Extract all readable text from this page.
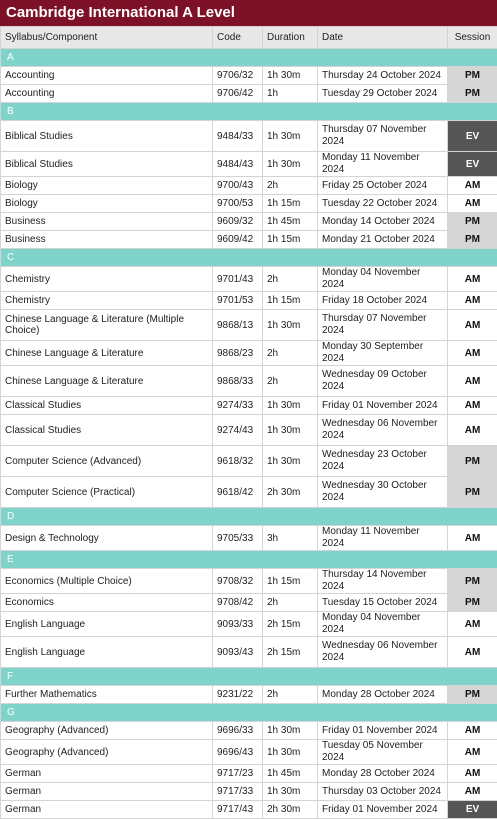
Cambridge International A Level
Syllabus/Component	Code	Duration	Date	Session
A				
Accounting	9706/32	1h 30m	Thursday 24 October 2024	PM
Accounting	9706/42	1h	Tuesday 29 October 2024	PM
B				
Biblical Studies	9484/33	1h 30m	Thursday 07 November 2024	EV
Biblical Studies	9484/43	1h 30m	Monday 11 November 2024	EV
Biology	9700/43	2h	Friday 25 October 2024	AM
Biology	9700/53	1h 15m	Tuesday 22 October 2024	AM
Business	9609/32	1h 45m	Monday 14 October 2024	PM
Business	9609/42	1h 15m	Monday 21 October 2024	PM
C				
Chemistry	9701/43	2h	Monday 04 November 2024	AM
Chemistry	9701/53	1h 15m	Friday 18 October 2024	AM
Chinese Language & Literature (Multiple Choice)	9868/13	1h 30m	Thursday 07 November 2024	AM
Chinese Language & Literature	9868/23	2h	Monday 30 September 2024	AM
Chinese Language & Literature	9868/33	2h	Wednesday 09 October 2024	AM
Classical Studies	9274/33	1h 30m	Friday 01 November 2024	AM
Classical Studies	9274/43	1h 30m	Wednesday 06 November 2024	AM
Computer Science (Advanced)	9618/32	1h 30m	Wednesday 23 October 2024	PM
Computer Science (Practical)	9618/42	2h 30m	Wednesday 30 October 2024	PM
D				
Design & Technology	9705/33	3h	Monday 11 November 2024	AM
E				
Economics (Multiple Choice)	9708/32	1h 15m	Thursday 14 November 2024	PM
Economics	9708/42	2h	Tuesday 15 October 2024	PM
English Language	9093/33	2h 15m	Monday 04 November 2024	AM
English Language	9093/43	2h 15m	Wednesday 06 November 2024	AM
F				
Further Mathematics	9231/22	2h	Monday 28 October 2024	PM
G				
Geography (Advanced)	9696/33	1h 30m	Friday 01 November 2024	AM
Geography (Advanced)	9696/43	1h 30m	Tuesday 05 November 2024	AM
German	9717/23	1h 45m	Monday 28 October 2024	AM
German	9717/33	1h 30m	Thursday 03 October 2024	AM
German	9717/43	2h 30m	Friday 01 November 2024	EV
